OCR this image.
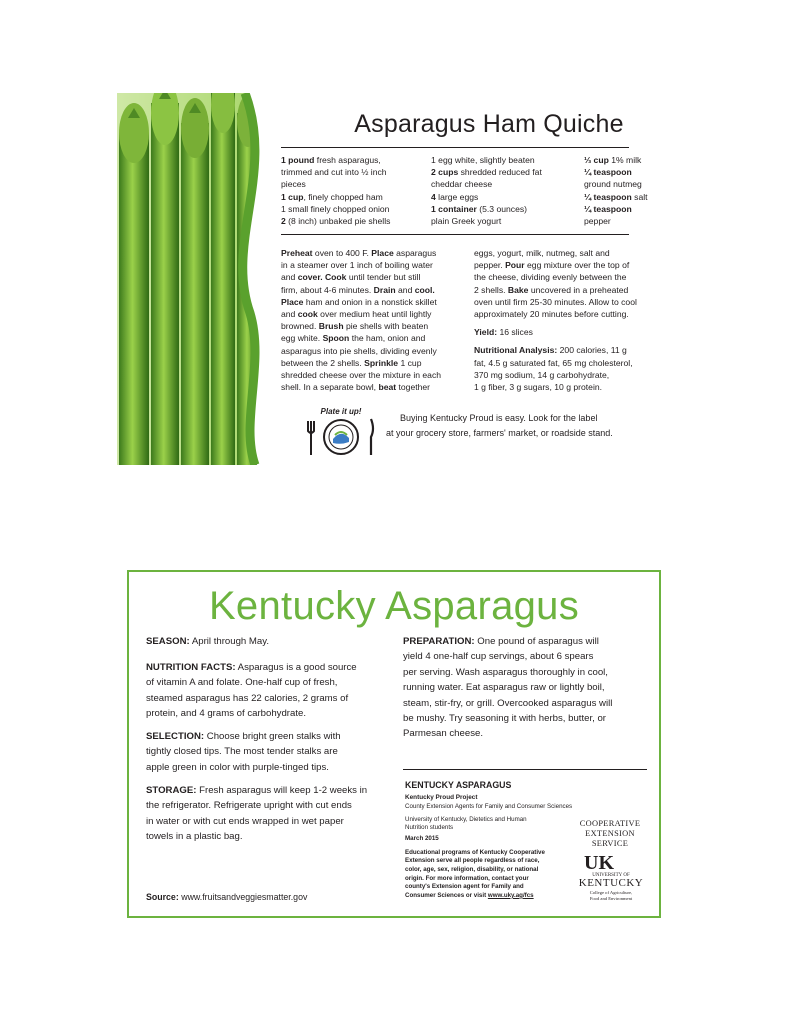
Asparagus Ham Quiche
1 pound fresh asparagus,
trimmed and cut into ½ inch
pieces
1 cup, finely chopped ham
1 small finely chopped onion
2 (8 inch) unbaked pie shells
1 egg white, slightly beaten
2 cups shredded reduced fat
cheddar cheese
4 large eggs
1 container (5.3 ounces)
plain Greek yogurt
⅓ cup 1% milk
¼ teaspoon
ground nutmeg
¼ teaspoon salt
¼ teaspoon
pepper
Preheat oven to 400 F. Place asparagus
in a steamer over 1 inch of boiling water
and cover. Cook until tender but still
firm, about 4-6 minutes. Drain and cool.
Place ham and onion in a nonstick skillet
and cook over medium heat until lightly
browned. Brush pie shells with beaten
egg white. Spoon the ham, onion and
asparagus into pie shells, dividing evenly
between the 2 shells. Sprinkle 1 cup
shredded cheese over the mixture in each
shell. In a separate bowl, beat together
eggs, yogurt, milk, nutmeg, salt and
pepper. Pour egg mixture over the top of
the cheese, dividing evenly between the
2 shells. Bake uncovered in a preheated
oven until firm 25-30 minutes. Allow to cool
approximately 20 minutes before cutting.
Yield: 16 slices
Nutritional Analysis: 200 calories, 11 g
fat, 4.5 g saturated fat, 65 mg cholesterol,
370 mg sodium, 14 g carbohydrate,
1 g fiber, 3 g sugars, 10 g protein.
Plate it up!
Buying Kentucky Proud is easy. Look for the label
at your grocery store, farmers' market, or roadside stand.
Kentucky Asparagus
SEASON: April through May.
NUTRITION FACTS: Asparagus is a good source
of vitamin A and folate. One-half cup of fresh,
steamed asparagus has 22 calories, 2 grams of
protein, and 4 grams of carbohydrate.
SELECTION: Choose bright green stalks with
tightly closed tips. The most tender stalks are
apple green in color with purple-tinged tips.
STORAGE: Fresh asparagus will keep 1-2 weeks in
the refrigerator. Refrigerate upright with cut ends
in water or with cut ends wrapped in wet paper
towels in a plastic bag.
PREPARATION: One pound of asparagus will
yield 4 one-half cup servings, about 6 spears
per serving. Wash asparagus thoroughly in cool,
running water. Eat asparagus raw or lightly boil,
steam, stir-fry, or grill. Overcooked asparagus will
be mushy. Try seasoning it with herbs, butter, or
Parmesan cheese.
KENTUCKY ASPARAGUS
Kentucky Proud Project
County Extension Agents for Family and Consumer Sciences
University of Kentucky, Dietetics and Human
Nutrition students
March 2015
Educational programs of Kentucky Cooperative
Extension serve all people regardless of race,
color, age, sex, religion, disability, or national
origin. For more information, contact your
county's Extension agent for Family and
Consumer Sciences or visit www.uky.ag/fcs
COOPERATIVE
EXTENSION
SERVICE
UK
UNIVERSITY OF
KENTUCKY
College of Agriculture,
Food and Environment
Source: www.fruitsandveggiesmatter.gov
